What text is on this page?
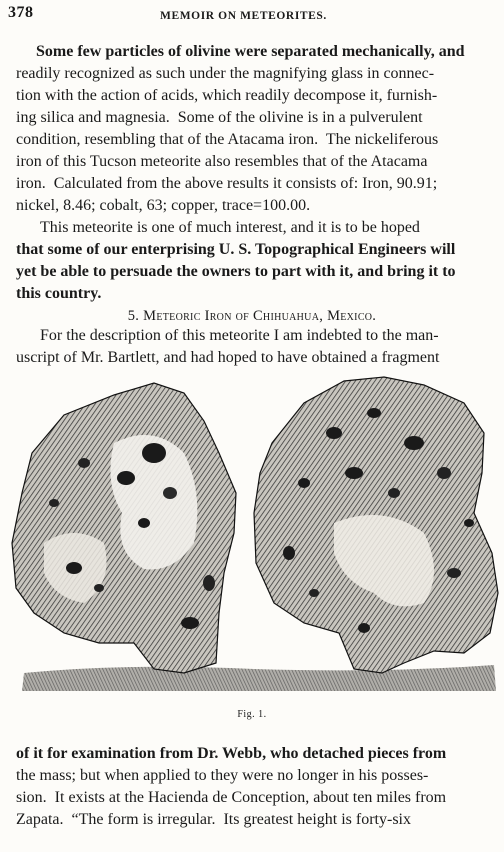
378	MEMOIR ON METEORITES.
Some few particles of olivine were separated mechanically, and
readily recognized as such under the magnifying glass in connec-
tion with the action of acids, which readily decompose it, furnish-
ing silica and magnesia.  Some of the olivine is in a pulverulent
condition, resembling that of the Atacama iron.  The nickeliferous
iron of this Tucson meteorite also resembles that of the Atacama
iron.  Calculated from the above results it consists of: Iron, 90.91;
nickel, 8.46; cobalt, 63; copper, trace=100.00.
This meteorite is one of much interest, and it is to be hoped
that some of our enterprising U. S. Topographical Engineers will
yet be able to persuade the owners to part with it, and bring it to
this country.
5. Meteoric Iron of Chihuahua, Mexico.
For the description of this meteorite I am indebted to the man-
uscript of Mr. Bartlett, and had hoped to have obtained a fragment
Fig. 1.
of it for examination from Dr. Webb, who detached pieces from
the mass; but when applied to they were no longer in his posses-
sion.  It exists at the Hacienda de Conception, about ten miles from
Zapata.  “The form is irregular.  Its greatest height is forty-six
